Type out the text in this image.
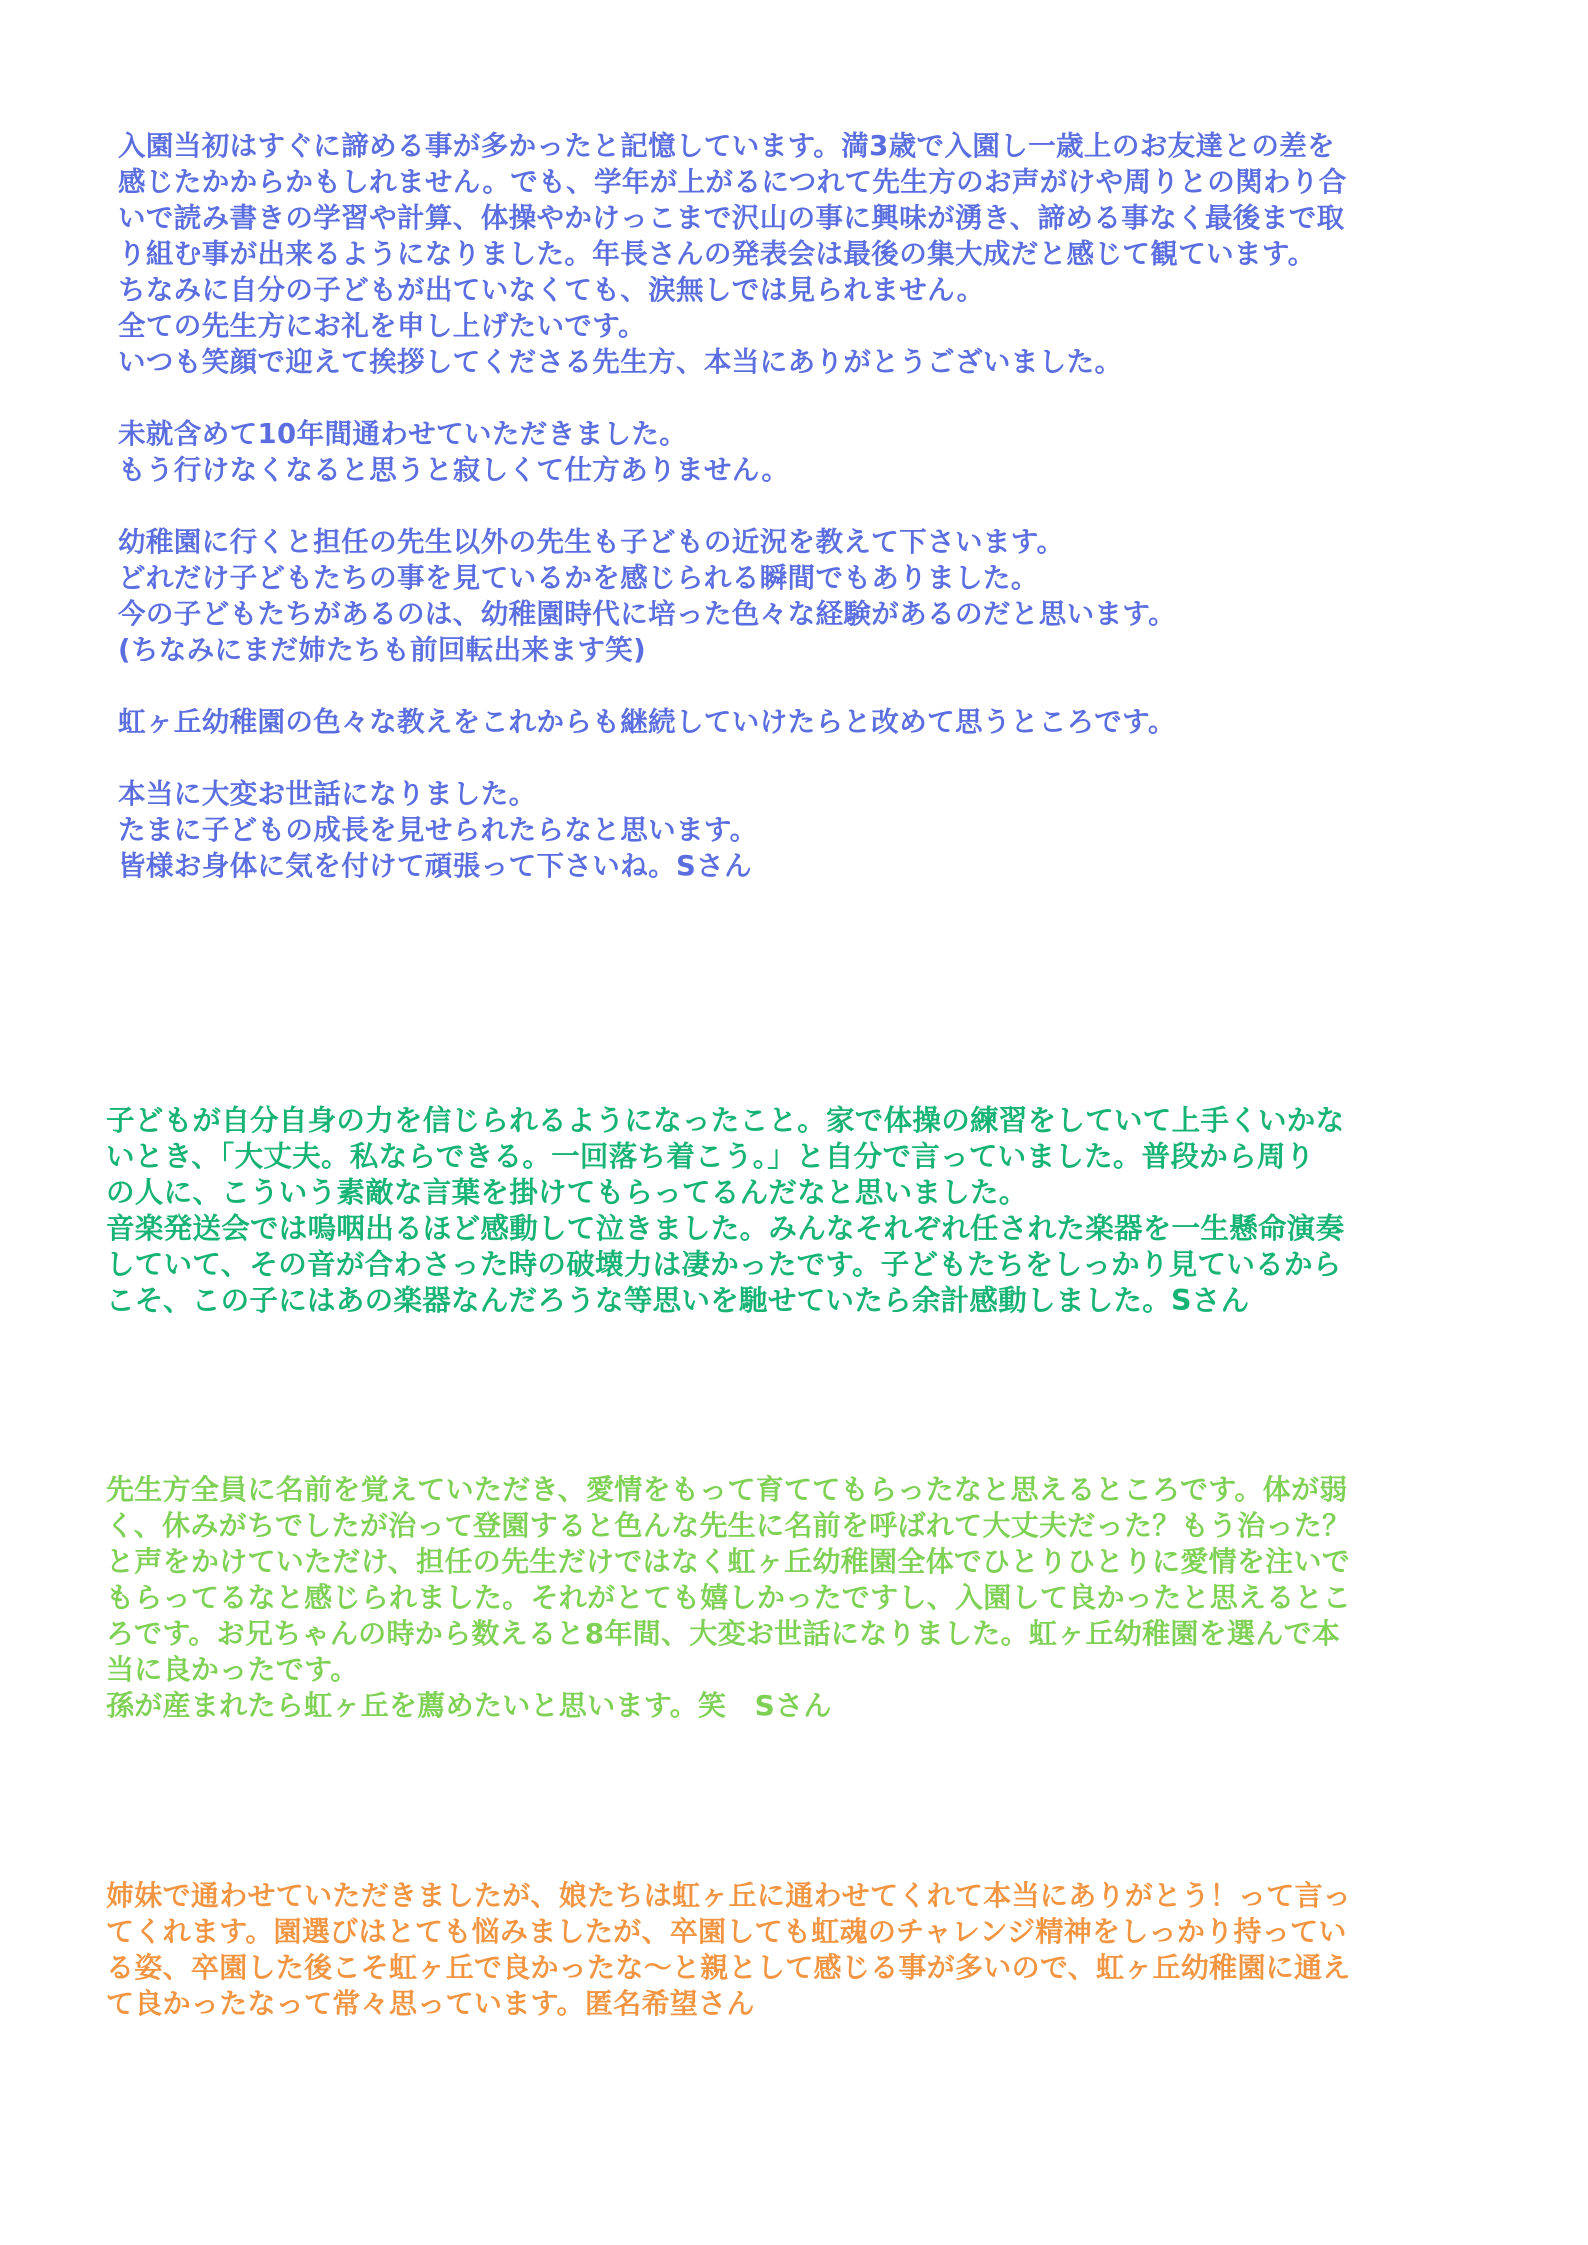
入園当初はすぐに諦める事が多かったと記憶しています。満3歳で入園し一歳上のお友達との差を
感じたかからかもしれません。でも、学年が上がるにつれて先生方のお声がけや周りとの関わり合
いで読み書きの学習や計算、体操やかけっこまで沢山の事に興味が湧き、諦める事なく最後まで取
り組む事が出来るようになりました。年長さんの発表会は最後の集大成だと感じて観ています。
ちなみに自分の子どもが出ていなくても、涙無しでは見られません。
全ての先生方にお礼を申し上げたいです。
いつも笑顔で迎えて挨拶してくださる先生方、本当にありがとうございました。
未就含めて10年間通わせていただきました。
もう行けなくなると思うと寂しくて仕方ありません。
幼稚園に行くと担任の先生以外の先生も子どもの近況を教えて下さいます。
どれだけ子どもたちの事を見ているかを感じられる瞬間でもありました。
今の子どもたちがあるのは、幼稚園時代に培った色々な経験があるのだと思います。
(ちなみにまだ姉たちも前回転出来ます笑)
虹ヶ丘幼稚園の色々な教えをこれからも継続していけたらと改めて思うところです。
本当に大変お世話になりました。
たまに子どもの成長を見せられたらなと思います。
皆様お身体に気を付けて頑張って下さいね。Sさん
子どもが自分自身の力を信じられるようになったこと。家で体操の練習をしていて上手くいかな
いとき、「大丈夫。私ならできる。一回落ち着こう。」と自分で言っていました。普段から周り
の人に、こういう素敵な言葉を掛けてもらってるんだなと思いました。
音楽発送会では嗚咽出るほど感動して泣きました。みんなそれぞれ任された楽器を一生懸命演奏
していて、その音が合わさった時の破壊力は凄かったです。子どもたちをしっかり見ているから
こそ、この子にはあの楽器なんだろうな等思いを馳せていたら余計感動しました。Sさん
先生方全員に名前を覚えていただき、愛情をもって育ててもらったなと思えるところです。体が弱
く、休みがちでしたが治って登園すると色んな先生に名前を呼ばれて大丈夫だった？もう治った？
と声をかけていただけ、担任の先生だけではなく虹ヶ丘幼稚園全体でひとりひとりに愛情を注いで
もらってるなと感じられました。それがとても嬉しかったですし、入園して良かったと思えるとこ
ろです。お兄ちゃんの時から数えると8年間、大変お世話になりました。虹ヶ丘幼稚園を選んで本
当に良かったです。
孫が産まれたら虹ヶ丘を薦めたいと思います。笑　Sさん
姉妹で通わせていただきましたが、娘たちは虹ヶ丘に通わせてくれて本当にありがとう！って言っ
てくれます。園選びはとても悩みましたが、卒園しても虹魂のチャレンジ精神をしっかり持ってい
る姿、卒園した後こそ虹ヶ丘で良かったな～と親として感じる事が多いので、虹ヶ丘幼稚園に通え
て良かったなって常々思っています。匿名希望さん
